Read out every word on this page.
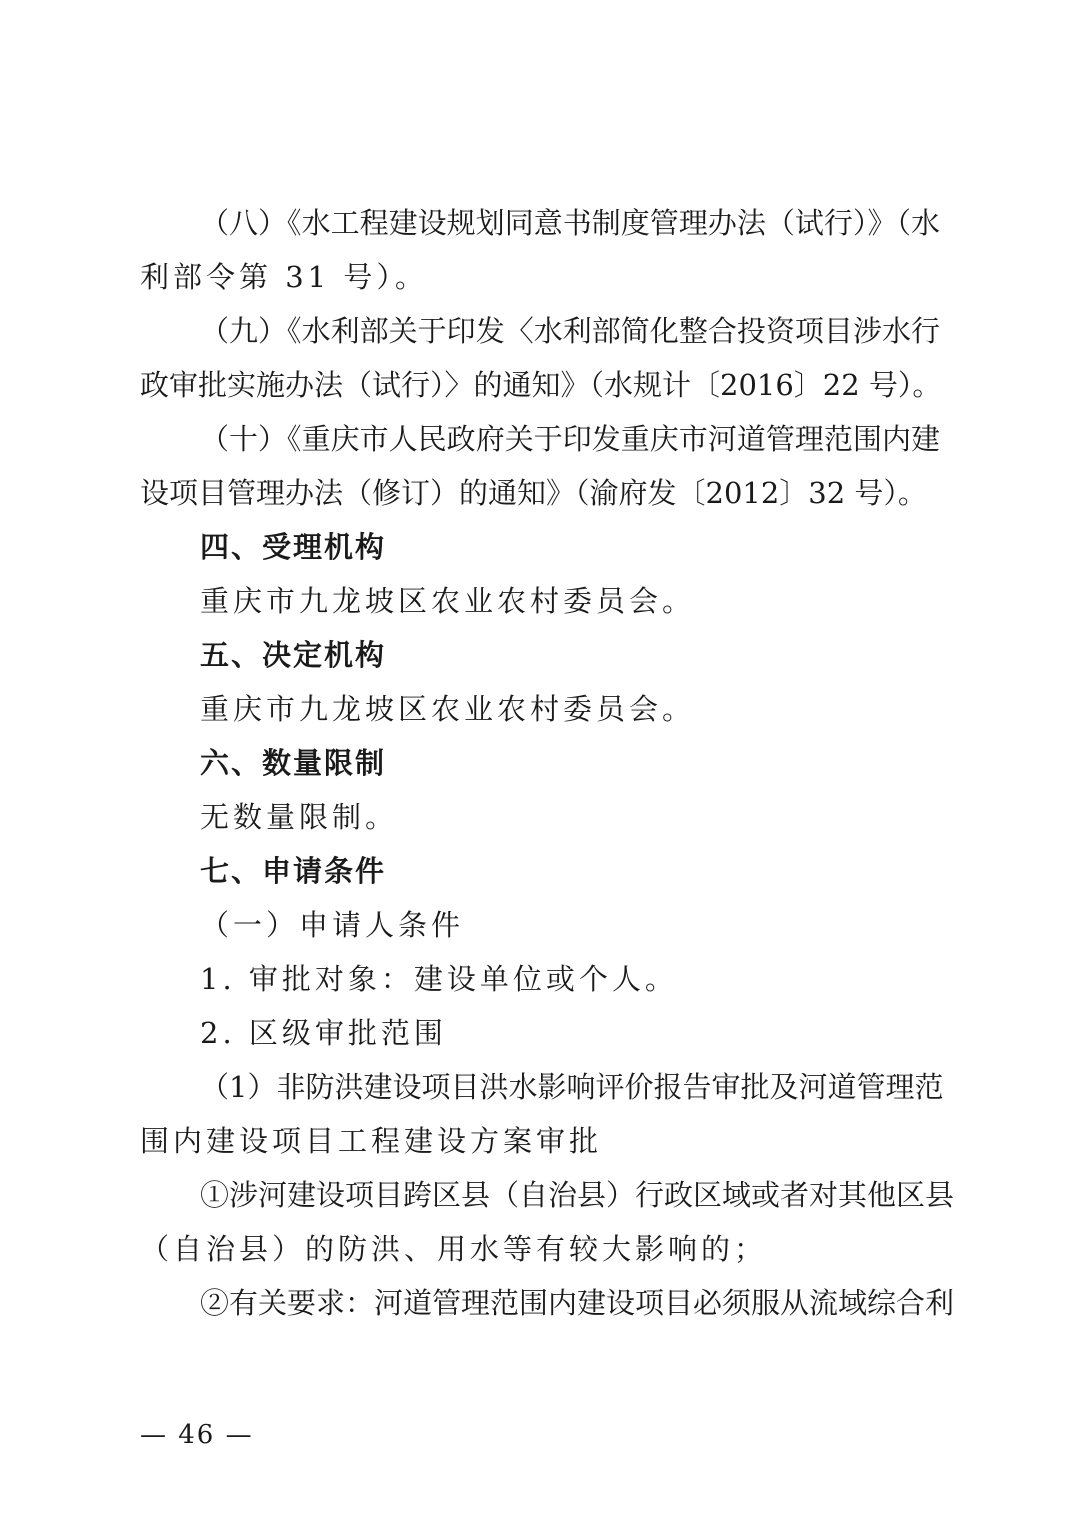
（八）《水工程建设规划同意书制度管理办法（试行）》（水
利部令第 31 号）。
（九）《水利部关于印发〈水利部简化整合投资项目涉水行
政审批实施办法（试行）〉的通知》（水规计〔2016〕22 号）。
（十）《重庆市人民政府关于印发重庆市河道管理范围内建
设项目管理办法（修订）的通知》（渝府发〔2012〕32 号）。
四、受理机构
重庆市九龙坡区农业农村委员会。
五、决定机构
重庆市九龙坡区农业农村委员会。
六、数量限制
无数量限制。
七、申请条件
（一）申请人条件
1. 审批对象：建设单位或个人。
2. 区级审批范围
（1）非防洪建设项目洪水影响评价报告审批及河道管理范
围内建设项目工程建设方案审批
①涉河建设项目跨区县（自治县）行政区域或者对其他区县
（自治县）的防洪、用水等有较大影响的；
②有关要求：河道管理范围内建设项目必须服从流域综合利
— 46 —
